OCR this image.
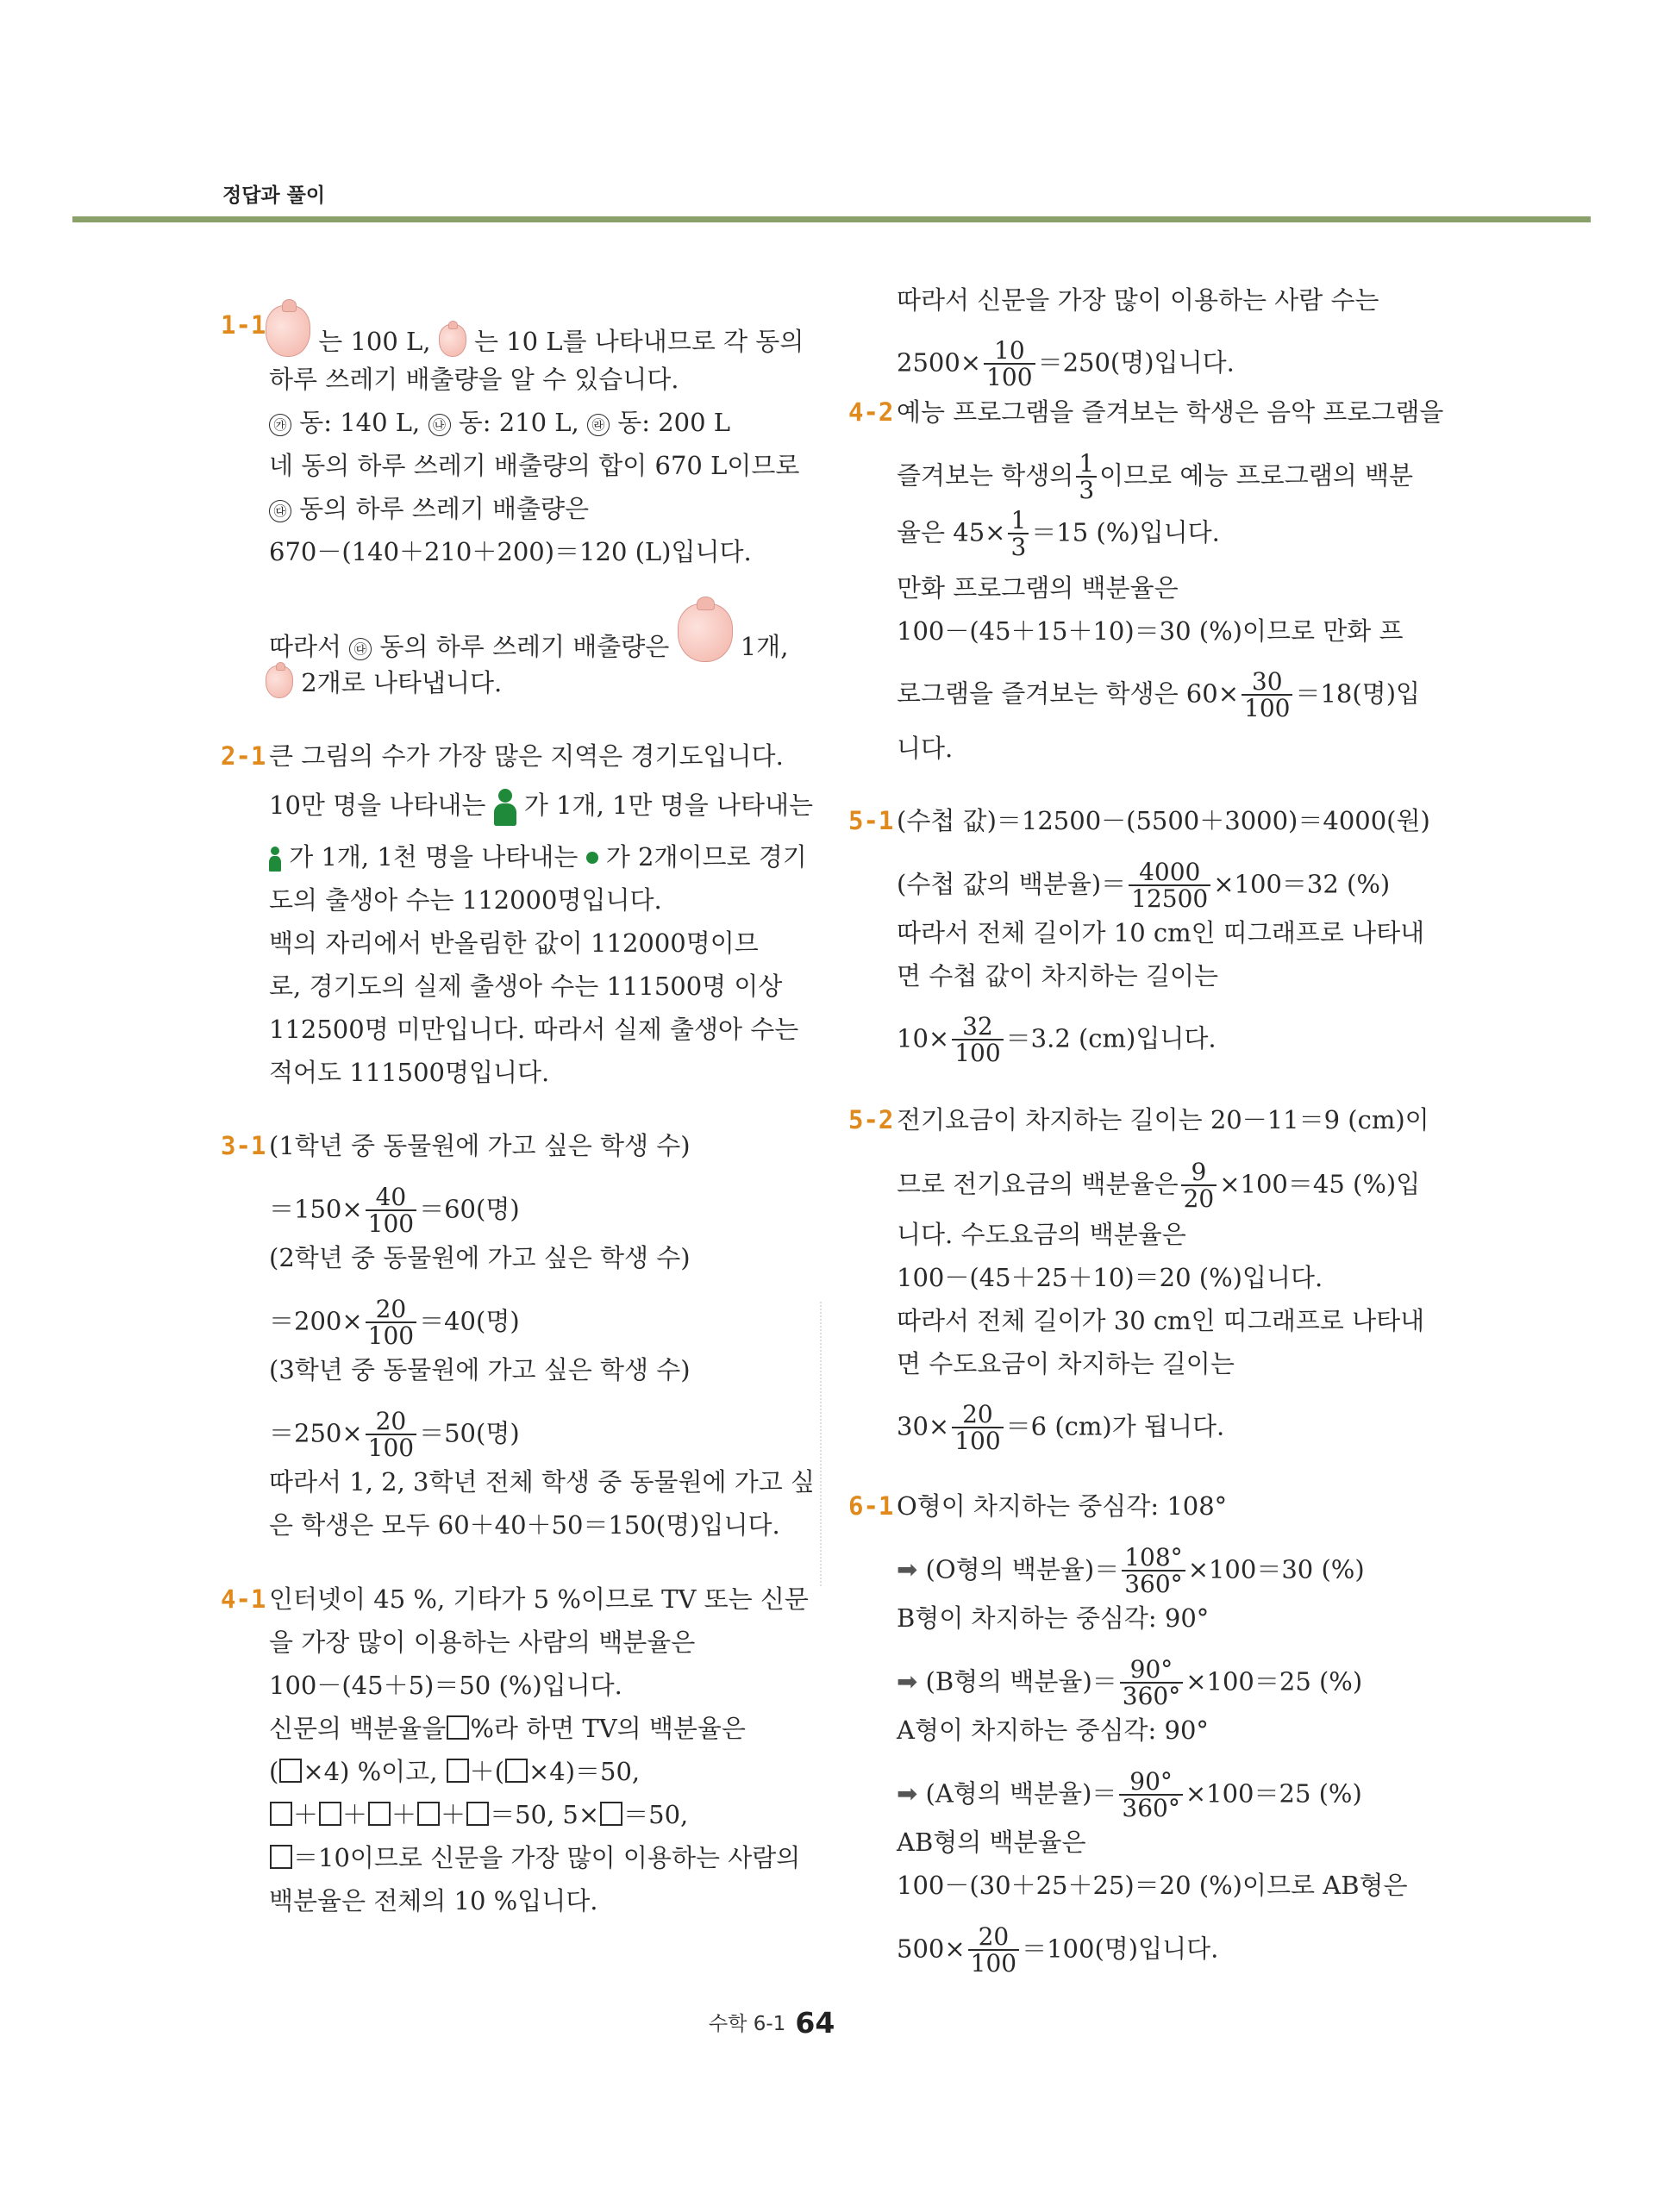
정답과 풀이
1-1
는 100 L, 는 10 L를 나타내므로 각 동의
하루 쓰레기 배출량을 알 수 있습니다.
㉮ 동: 140 L, ㉯ 동: 210 L, ㉱ 동: 200 L
네 동의 하루 쓰레기 배출량의 합이 670 L이므로
㉰ 동의 하루 쓰레기 배출량은
670－(140＋210＋200)＝120 (L)입니다.
따라서 ㉰ 동의 하루 쓰레기 배출량은	1개,
2개로 나타냅니다.
2-1 큰 그림의 수가 가장 많은 지역은 경기도입니다.
10만 명을 나타내는 가 1개, 1만 명을 나타내는
가 1개, 1천 명을 나타내는 가 2개이므로 경기
도의 출생아 수는 112000명입니다.
백의 자리에서 반올림한 값이 112000명이므
로, 경기도의 실제 출생아 수는 111500명 이상
112500명 미만입니다. 따라서 실제 출생아 수는
적어도 111500명입니다.
3-1 (1학년 중 동물원에 가고 싶은 학생 수)
$=150\times \frac{40}{100} =60$(명)
(2학년 중 동물원에 가고 싶은 학생 수)
$=200\times \frac{20}{100} =40$(명)
(3학년 중 동물원에 가고 싶은 학생 수)
$=250\times \frac{20}{100} =50$(명)
따라서 1, 2, 3학년 전체 학생 중 동물원에 가고 싶
은 학생은 모두 60＋40＋50＝150(명)입니다.
4-1 인터넷이 45 %, 기타가 5 %이므로 TV 또는 신문
을 가장 많이 이용하는 사람의 백분율은
100－(45＋5)＝50 (%)입니다.
신문의 백분율을 %라 하면 TV의 백분율은
( ×4) %이고, ＋( ×4)＝50,
＋ ＋ ＋ ＋ ＝50, 5× ＝50,
＝10이므로 신문을 가장 많이 이용하는 사람의
백분율은 전체의 10 %입니다.
따라서 신문을 가장 많이 이용하는 사람 수는
$2500\times \frac{10}{100} =250$(명)입니다.
4-2 예능 프로그램을 즐겨보는 학생은 음악 프로그램을
즐겨보는 학생의 $\frac{1}{3}$ 이므로 예능 프로그램의 백분
율은 $45\times \frac{1}{3} =15$ (%)입니다.
만화 프로그램의 백분율은
100－(45＋15＋10)＝30 (%)이므로 만화 프
로그램을 즐겨보는 학생은 $60\times \frac{30}{100} =18$(명)입
니다.
5-1 (수첩 값)＝12500－(5500＋3000)＝4000(원)
(수첩 값의 백분율)＝ $\frac{4000}{12500} \times 100=32$ (%)
따라서 전체 길이가 10 cm인 띠그래프로 나타내
면 수첩 값이 차지하는 길이는
$10\times \frac{32}{100} =3.2$ (cm)입니다.
5-2 전기요금이 차지하는 길이는 20－11＝9 (cm)이
므로 전기요금의 백분율은 $\frac{9}{20} \times 100=45$ (%)입
니다. 수도요금의 백분율은
100－(45＋25＋10)＝20 (%)입니다.
따라서 전체 길이가 30 cm인 띠그래프로 나타내
면 수도요금이 차지하는 길이는
$30\times \frac{20}{100} =6$ (cm)가 됩니다.
6-1 O형이 차지하는 중심각: 108°
➡ (O형의 백분율)＝ $\frac{108^\circ}{360^\circ} \times 100=30$ (%)
B형이 차지하는 중심각: 90°
➡ (B형의 백분율)＝ $\frac{90^\circ}{360^\circ} \times 100=25$ (%)
A형이 차지하는 중심각: 90°
➡ (A형의 백분율)＝ $\frac{90^\circ}{360^\circ} \times 100=25$ (%)
AB형의 백분율은
100－(30＋25＋25)＝20 (%)이므로 AB형은
$500\times \frac{20}{100} =100$(명)입니다.
수학 6-1 64
